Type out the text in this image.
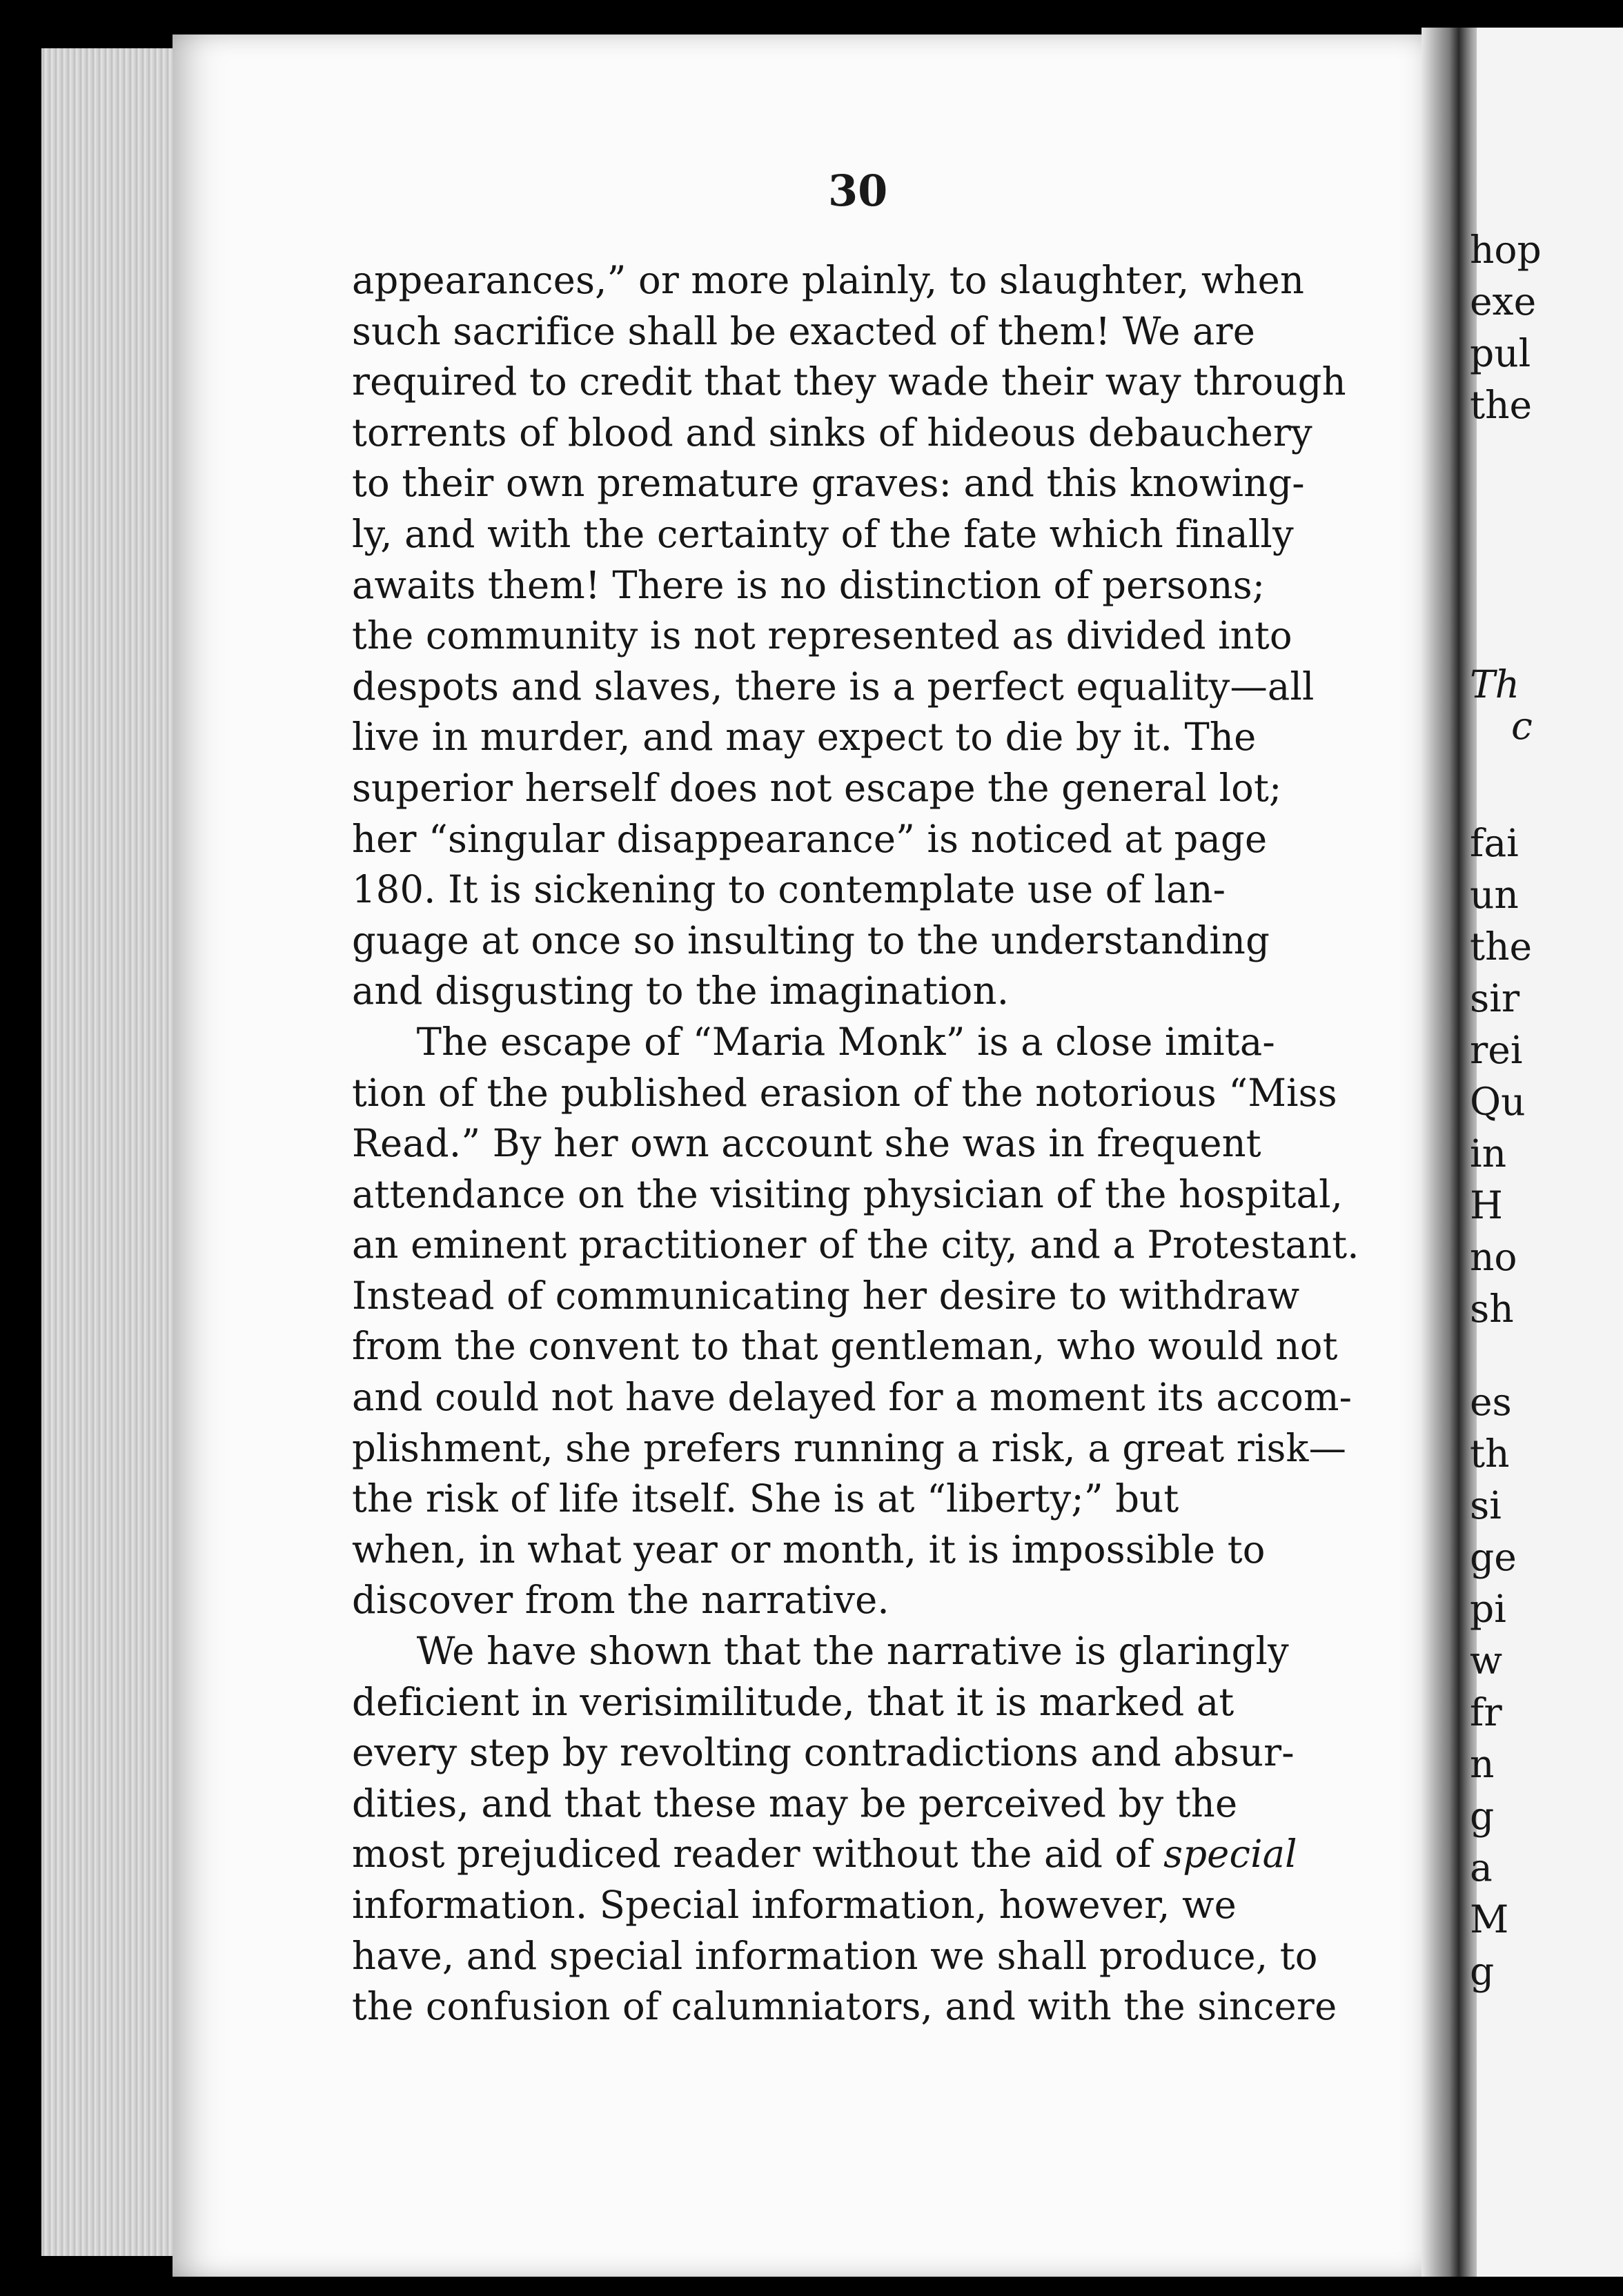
hop
exe
pul
the
Th
c
fai
un
the
sir
rei
Qu
in
H
no
sh
es
th
si
ge
pi
w
fr
n
g
a
M
g
30
appearances,” or more plainly, to slaughter, when
such sacrifice shall be exacted of them! We are
required to credit that they wade their way through
torrents of blood and sinks of hideous debauchery
to their own premature graves: and this knowing-
ly, and with the certainty of the fate which finally
awaits them! There is no distinction of persons;
the community is not represented as divided into
despots and slaves, there is a perfect equality—all
live in murder, and may expect to die by it. The
superior herself does not escape the general lot;
her “singular disappearance” is noticed at page
180. It is sickening to contemplate use of lan-
guage at once so insulting to the understanding
and disgusting to the imagination.
The escape of “Maria Monk” is a close imita-
tion of the published erasion of the notorious “Miss
Read.” By her own account she was in frequent
attendance on the visiting physician of the hospital,
an eminent practitioner of the city, and a Protestant.
Instead of communicating her desire to withdraw
from the convent to that gentleman, who would not
and could not have delayed for a moment its accom-
plishment, she prefers running a risk, a great risk—
the risk of life itself. She is at “liberty;” but
when, in what year or month, it is impossible to
discover from the narrative.
We have shown that the narrative is glaringly
deficient in verisimilitude, that it is marked at
every step by revolting contradictions and absur-
dities, and that these may be perceived by the
most prejudiced reader without the aid of special
information. Special information, however, we
have, and special information we shall produce, to
the confusion of calumniators, and with the sincere
